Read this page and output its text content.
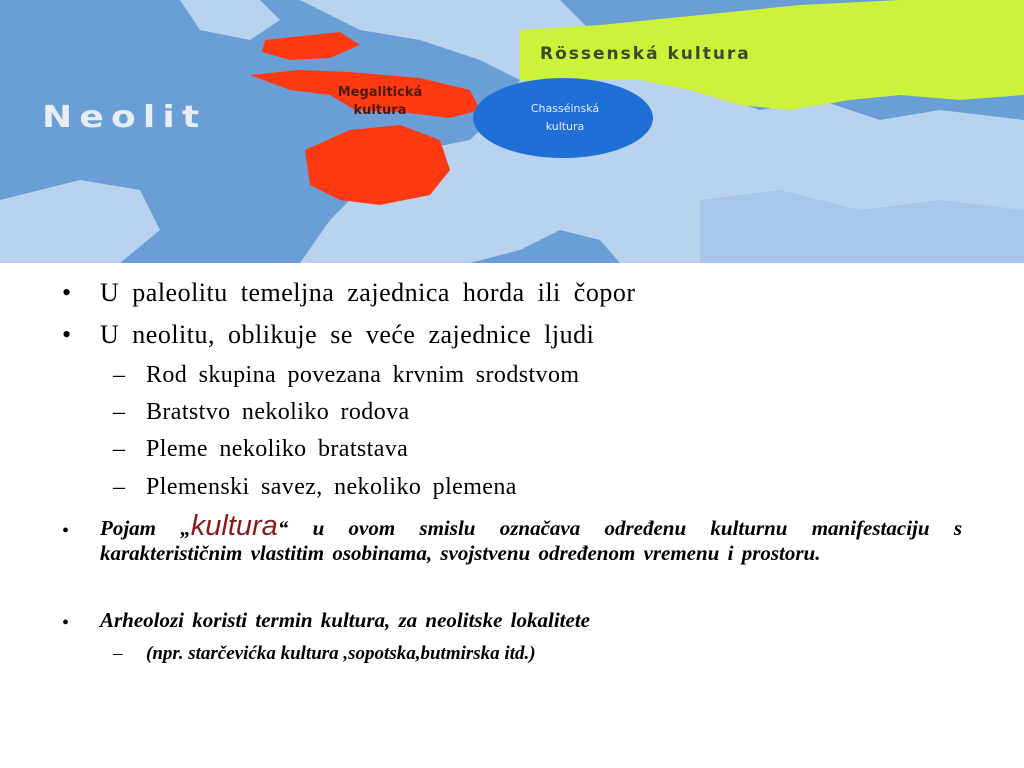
Neolit
Rössenská kultura
Megalitická
kultura	Chasséinská
kultura
• U paleolitu temeljna zajednica horda ili čopor
• U neolitu, oblikuje se veće zajednice ljudi
– Rod skupina povezana krvnim srodstvom
– Bratstvo nekoliko rodova
– Pleme nekoliko bratstava
– Plemenski savez, nekoliko plemena
• Pojam „kultura“ u ovom smislu označava određenu kulturnu manifestaciju s karakterističnim vlastitim osobinama, svojstvenu određenom vremenu i prostoru.
• Arheolozi koristi termin kultura, za neolitske lokalitete
– (npr. starčevićka kultura ,sopotska,butmirska itd.)
